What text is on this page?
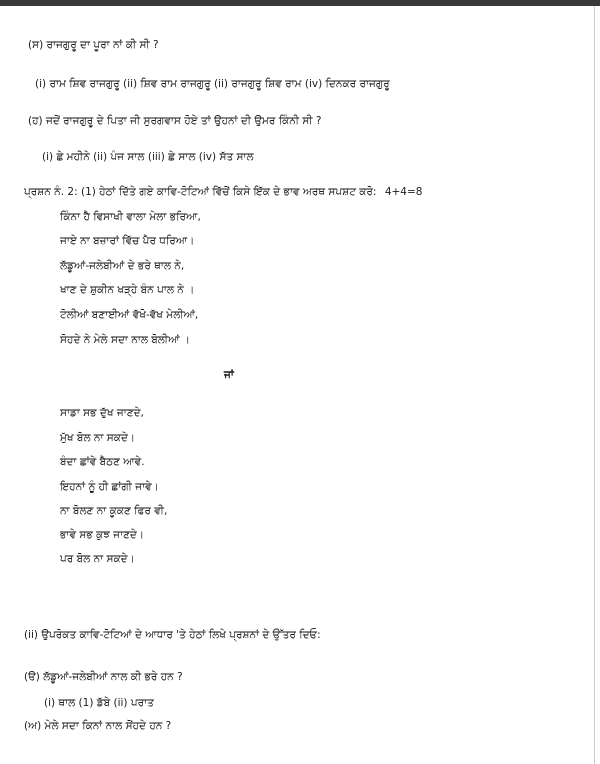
(ਸ) ਰਾਜਗੁਰੂ ਦਾ ਪੂਰਾ ਨਾਂ ਕੀ ਸੀ ?
(i) ਰਾਮ ਸ਼ਿਵ ਰਾਜਗੁਰੂ (ii) ਸ਼ਿਵ ਰਾਮ ਰਾਜਗੁਰੂ (ii) ਰਾਜਗੁਰੂ ਸ਼ਿਵ ਰਾਮ (iv) ਦਿਨਕਰ ਰਾਜਗੁਰੂ
(ਹ) ਜਦੋਂ ਰਾਜਗੁਰੂ ਦੇ ਪਿਤਾ ਜੀ ਸੁਰਗਵਾਸ ਹੋਏ ਤਾਂ ਉਹਨਾਂ ਦੀ ਉਮਰ ਕਿੰਨੀ ਸੀ ?
(i) ਛੇ ਮਹੀਨੇ (ii) ਪੰਜ ਸਾਲ (iii) ਛੇ ਸਾਲ (iv) ਸੱਤ ਸਾਲ
ਪ੍ਰਸ਼ਨ ਨੰ. 2: (1) ਹੇਠਾਂ ਦਿੱਤੇ ਗਏ ਕਾਵਿ-ਟੋਟਿਆਂ ਵਿੱਚੋਂ ਕਿਸੇ ਇੱਕ ਦੇ ਭਾਵ ਅਰਥ ਸਪਸ਼ਟ ਕਰੋ: 4+4=8
ਕਿੰਨਾ ਹੈ ਵਿਸਾਖੀ ਵਾਲਾ ਮੇਲਾ ਭਰਿਆ,
ਜਾਏ ਨਾ ਬਜ਼ਾਰਾਂ ਵਿੱਚ ਪੈਰ ਧਰਿਆ।
ਲੱਡੂਆਂ-ਜਲੇਬੀਆਂ ਦੇ ਭਰੇ ਥਾਲ ਨੇ,
ਖਾਣ ਦੇ ਸ਼ੁਕੀਨ ਖੜ੍ਹੇ ਬੰਨ ਪਾਲ ਨੇ ।
ਟੋਲੀਆਂ ਬਣਾਈਆਂ ਵੱਖੋ-ਵੱਖ ਮੇਲੀਆਂ,
ਸੋਹਦੇ ਨੇ ਮੇਲੇ ਸਦਾ ਨਾਲ ਬੋਲੀਆਂ ।
ਜਾਂ
ਸਾਡਾ ਸਭ ਦੁੱਖ ਜਾਣਦੇ,
ਮੁੱਖ ਬੋਲ ਨਾ ਸਕਦੇ।
ਬੰਦਾ ਛਾਂਵੇ ਬੈਠਣ ਆਵੇ.
ਇਹਨਾਂ ਨੂੰ ਹੀ ਛਾਂਗੀ ਜਾਵੇ।
ਨਾ ਬੋਲਣ ਨਾ ਕੂਕਣ ਫਿਰ ਵੀ,
ਭਾਵੇ ਸਭ ਕੁਝ ਜਾਣਦੇ।
ਪਰ ਬੋਲ ਨਾ ਸਕਦੇ।
(ii) ਉਪਰੋਕਤ ਕਾਵਿ-ਟੋਟਿਆਂ ਦੇ ਆਧਾਰ 'ਤੇ ਹੇਠਾਂ ਲਿਖੇ ਪ੍ਰਸ਼ਨਾਂ ਦੇ ਉੱਤਰ ਦਿਓ:
(ੳ) ਲੱਡੂਆਂ-ਜਲੇਬੀਆਂ ਨਾਲ ਕੀ ਭਰੇ ਹਨ ?
(i) ਥਾਲ (1) ਡੱਬੇ (ii) ਪਰਾਤ
(ਅ) ਮੇਲੇ ਸਦਾ ਕਿਨਾਂ ਨਾਲ ਸੋਂਹਦੇ ਹਨ ?
